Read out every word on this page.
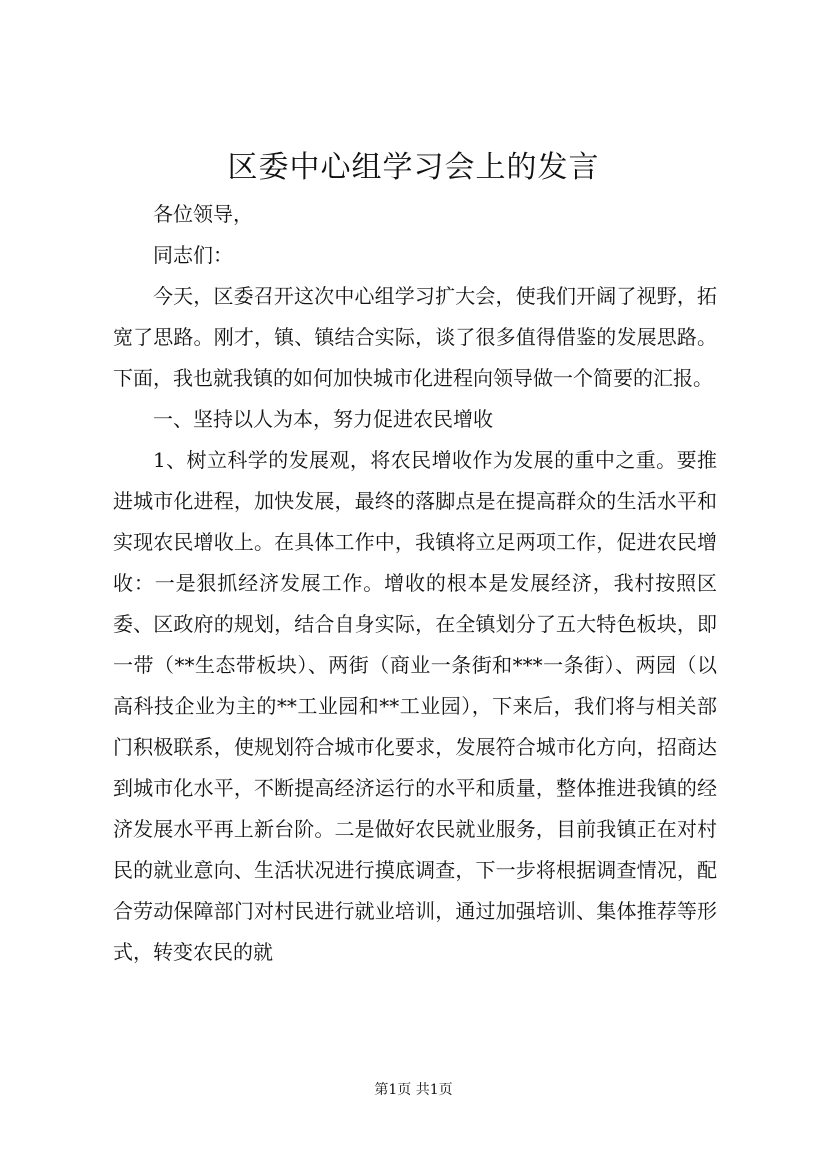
区委中心组学习会上的发言

各位领导，

同志们：

今天，区委召开这次中心组学习扩大会，使我们开阔了视野，拓宽了思路。刚才，镇、镇结合实际，谈了很多值得借鉴的发展思路。下面，我也就我镇的如何加快城市化进程向领导做一个简要的汇报。

一、坚持以人为本，努力促进农民增收

1、树立科学的发展观，将农民增收作为发展的重中之重。要推进城市化进程，加快发展，最终的落脚点是在提高群众的生活水平和实现农民增收上。在具体工作中，我镇将立足两项工作，促进农民增收：一是狠抓经济发展工作。增收的根本是发展经济，我村按照区委、区政府的规划，结合自身实际，在全镇划分了五大特色板块，即一带（**生态带板块）、两街（商业一条街和***一条街）、两园（以高科技企业为主的**工业园和**工业园），下来后，我们将与相关部门积极联系，使规划符合城市化要求，发展符合城市化方向，招商达到城市化水平，不断提高经济运行的水平和质量，整体推进我镇的经济发展水平再上新台阶。二是做好农民就业服务，目前我镇正在对村民的就业意向、生活状况进行摸底调查，下一步将根据调查情况，配合劳动保障部门对村民进行就业培训，通过加强培训、集体推荐等形式，转变农民的就

第1页 共1页
